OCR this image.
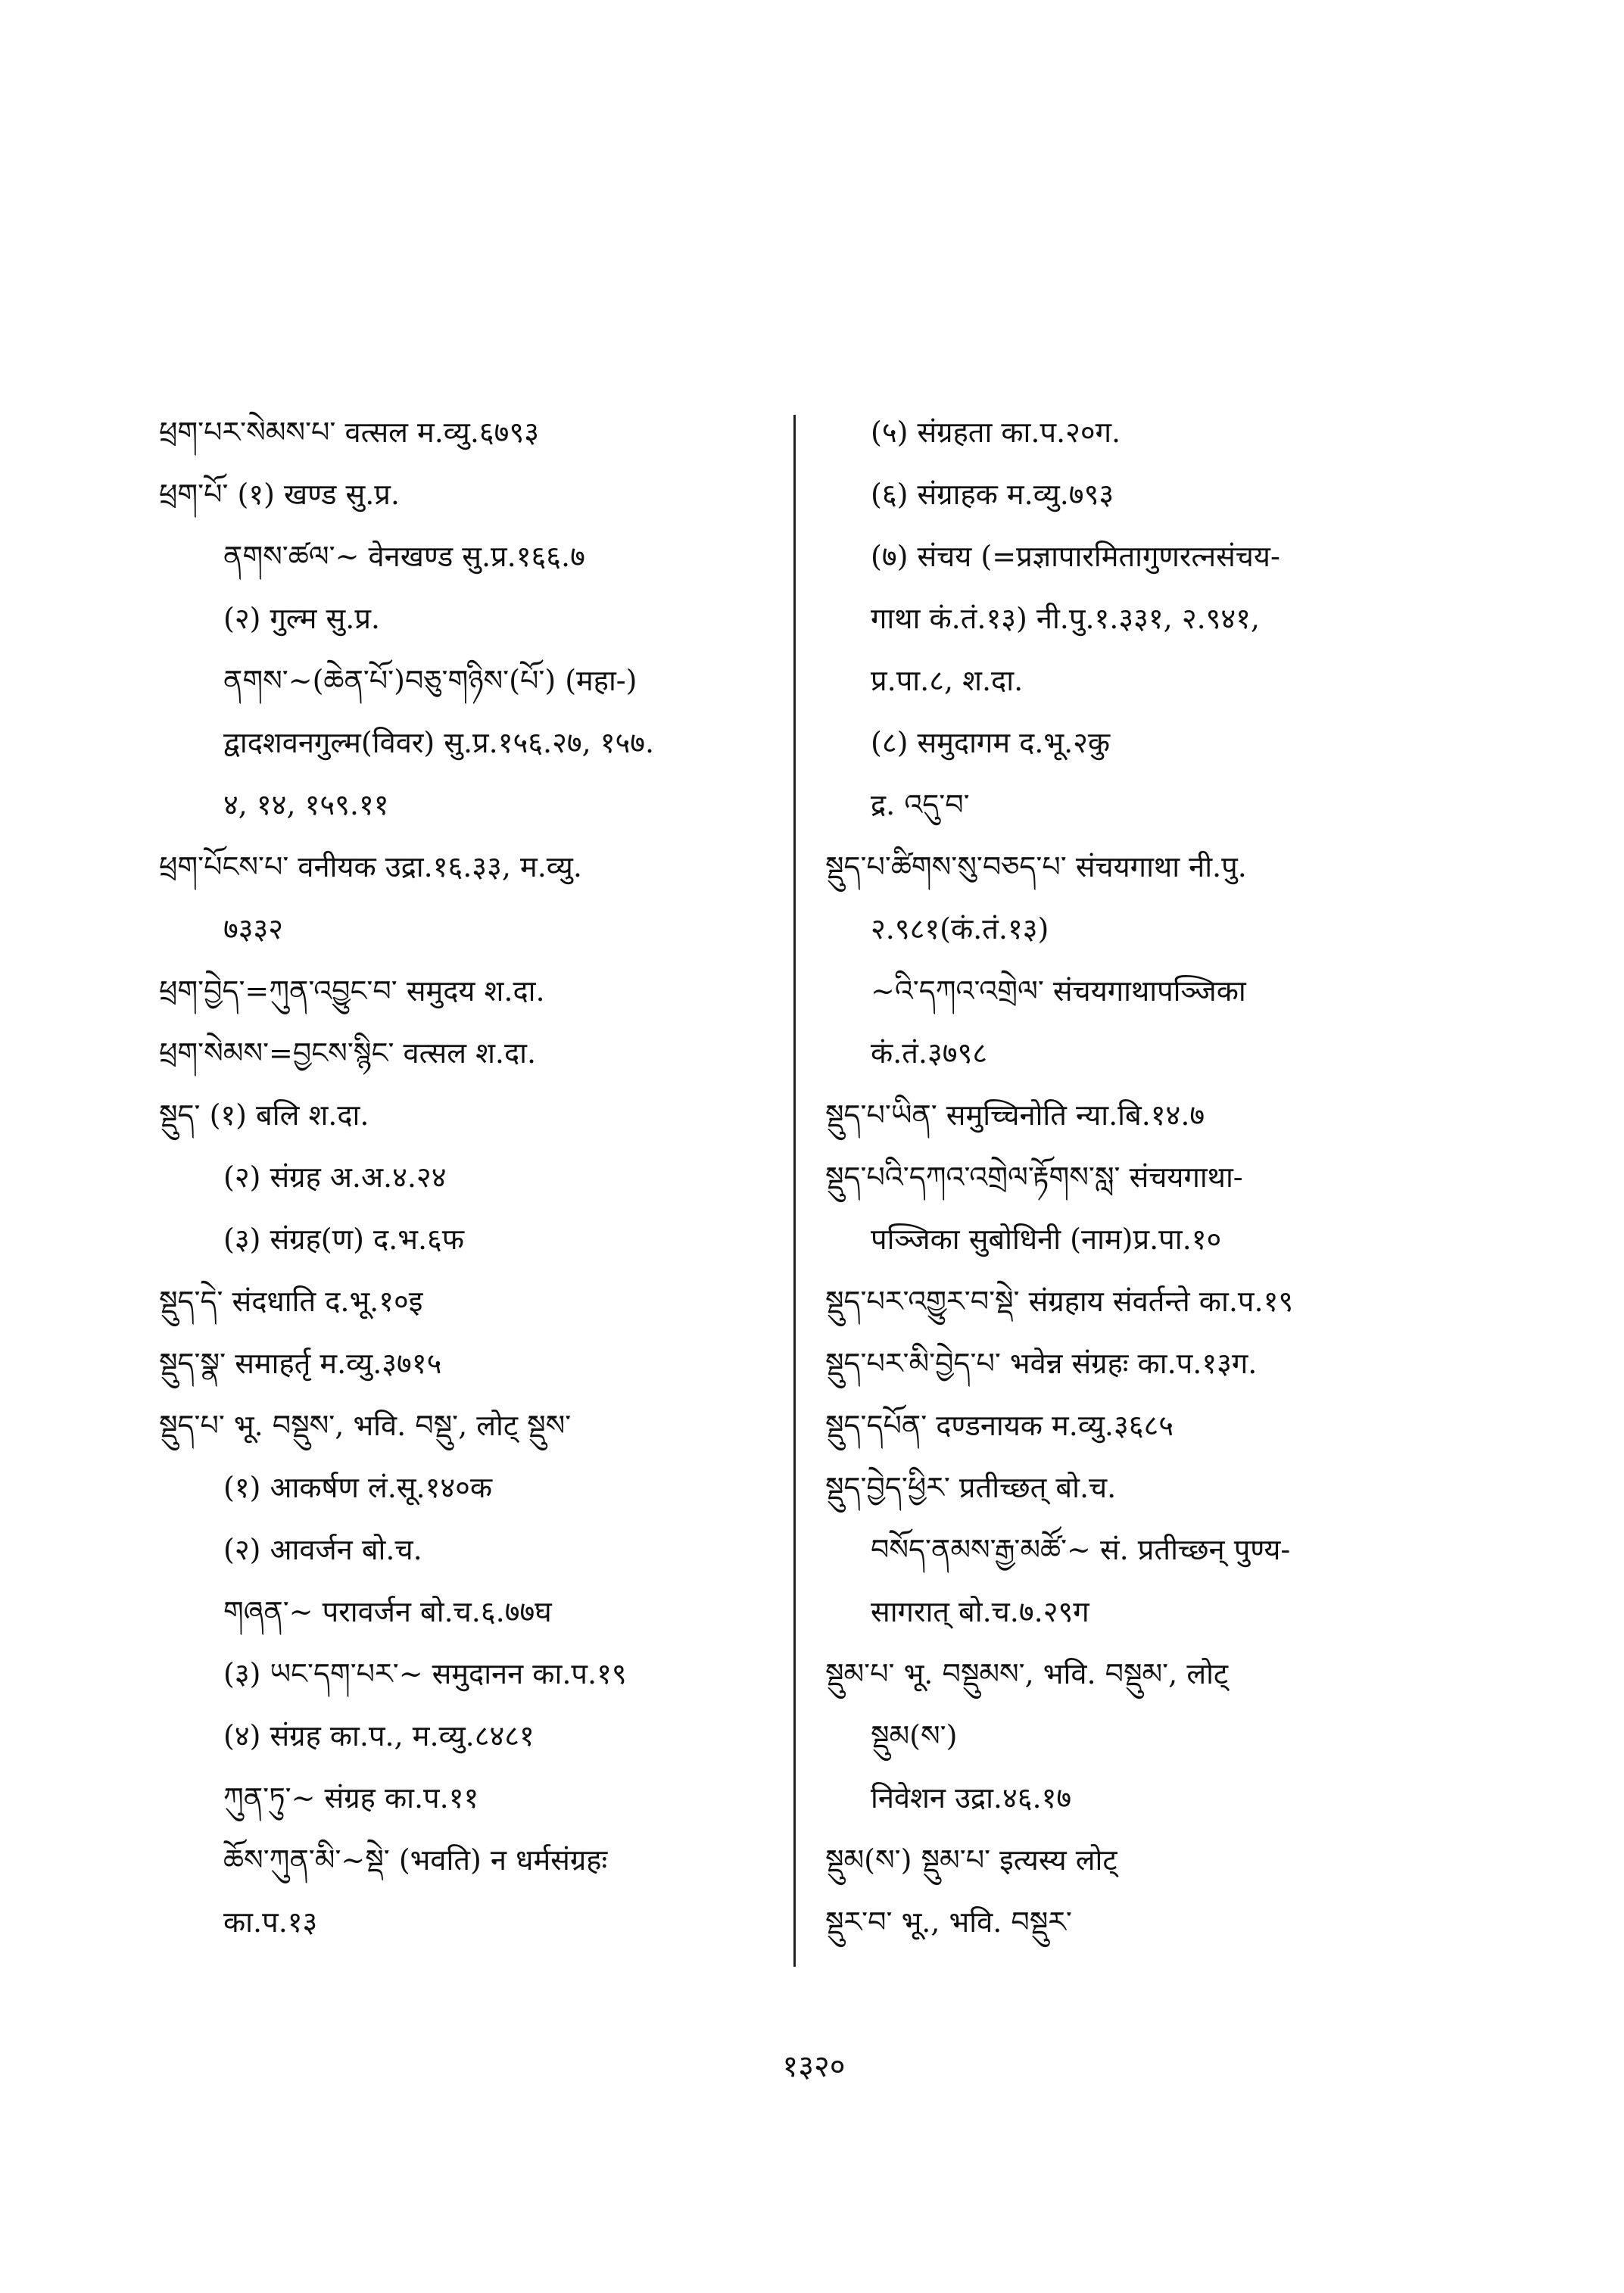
ཕྲག་པར་སེམས་པ་ वत्सल म.व्यु.६७९३
ཕྲག་པོ་ (१) खण्ड सु.प्र.
ནགས་ཚལ་~ वेनखण्ड सु.प्र.१६६.७
(२) गुल्म सु.प्र.
ནགས་~(ཆེན་པོ་)བཅུ་གཉིས་(པོ་) (महा-)
द्वादशवनगुल्म(विवर) सु.प्र.१५६.२७, १५७.
४, १४, १५९.११
ཕྲག་པོངས་པ་ वनीयक उद्रा.१६.३३, म.व्यु.
७३३२
ཕྲག་བྱེད་=ཀུན་འབྱུང་བ་ समुदय श.दा.
ཕྲག་སེམས་=བྱངས་སྙིང་ वत्सल श.दा.
སྡུད་ (१) बलि श.दा.
(२) संग्रह अ.अ.४.२४
(३) संग्रह(ण) द.भ.६फ
སྡུད་དེ་ संदधाति द.भू.१०इ
སྡུད་སྣ་ समाहर्तृ म.व्यु.३७१५
སྡུད་པ་ भू. བསྡུས་, भवि. བསྡུ་, लोट् སྡུས་
(१) आकर्षण लं.सू.१४०क
(२) आवर्जन बो.च.
གཞན་~ परावर्जन बो.च.६.७७घ
(३) ཡང་དག་པར་~ समुदानन का.प.१९
(४) संग्रह का.प., म.व्यु.८४८१
ཀུན་ཏུ་~ संग्रह का.प.११
ཆོས་ཀུན་མི་~སྡེ་ (भवति) न धर्मसंग्रहः
का.प.१३
(५) संग्रहता का.प.२०ग.
(६) संग्राहक म.व्यु.७९३
(७) संचय (=प्रज्ञापारमितागुणरत्नसंचय-
गाथा कं.तं.१३) नी.पु.१.३३१, २.९४१,
प्र.पा.८, श.दा.
(८) समुदागम द.भू.२कु
द्र. འདུ་བ་
སྡུད་པ་ཚིགས་སུ་བཅད་པ་ संचयगाथा नी.पु.
२.९८१(कं.तं.१३)
~འི་དཀའ་འགྲེལ་ संचयगाथापञ्जिका
कं.तं.३७९८
སྡུད་པ་ཡིན་ समुच्चिनोति न्या.बि.१४.७
སྡུད་པའི་དཀའ་འགྲེལ་རྟོགས་སླ་ संचयगाथा-
पञ्जिका सुबोधिनी (नाम)प्र.पा.१०
སྡུད་པར་འགྱུར་བ་སྡེ་ संग्रहाय संवर्तन्ते का.प.१९
སྡུད་པར་མི་བྱེད་པ་ भवेन्न संग्रहः का.प.१३ग.
སྡུད་དཔོན་ दण्डनायक म.व्यु.३६८५
སྡུད་བྱེད་ཕྱིར་ प्रतीच्छत् बो.च.
བསོད་ནམས་རྒྱ་མཚོ་~ सं. प्रतीच्छन् पुण्य-
सागरात् बो.च.७.२९ग
སྡུམ་པ་ भू. བསྡུམས་, भवि. བསྡུམ་, लोट्
སྡུམ(ས་)
निवेशन उद्रा.४६.१७
སྡུམ(ས་) སྡུམ་པ་ इत्यस्य लोट्
སྡུར་བ་ भू., भवि. བསྡུར་
१३२०
